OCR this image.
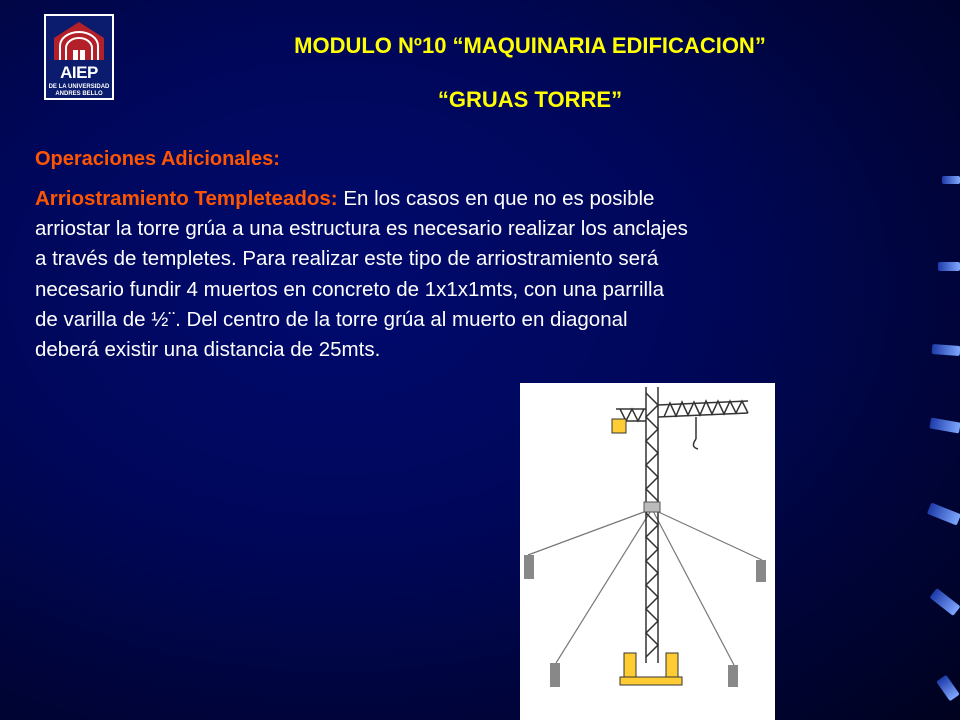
AIEP
DE LA UNIVERSIDAD
ANDRES BELLO
MODULO Nº10 “MAQUINARIA EDIFICACION”
“GRUAS TORRE”
Operaciones Adicionales:
Arriostramiento Templeteados: En los casos en que no es posible
arriostar la torre grúa a una estructura es necesario realizar los anclajes
a través de templetes. Para realizar este tipo de arriostramiento será
necesario fundir 4 muertos en concreto de 1x1x1mts, con una parrilla
de varilla de ½¨. Del centro de la torre grúa al muerto en diagonal
deberá existir una distancia de 25mts.
